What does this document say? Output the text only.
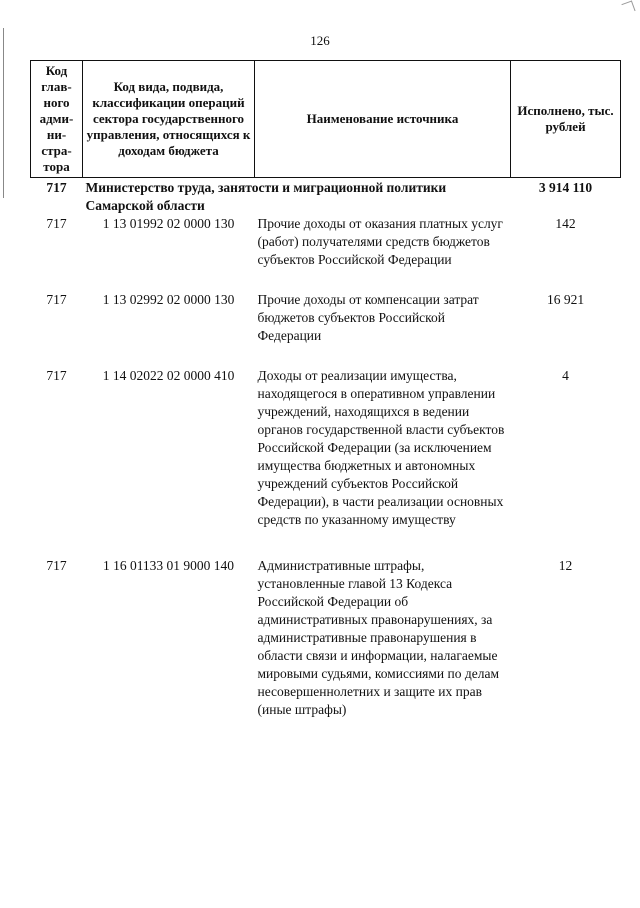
126
Код глав-ного адми-ни-стра-тора	Код вида, подвида, классификации операций сектора государственного управления, относящихся к доходам бюджета	Наименование источника	Исполнено, тыс. рублей
717	Министерство труда, занятости и миграционной политики Самарской области		3 914 110
717	1 13 01992 02 0000 130	Прочие доходы от оказания платных услуг (работ) получателями средств бюджетов субъектов Российской Федерации	142

717	1 13 02992 02 0000 130	Прочие доходы от компенсации затрат бюджетов субъектов Российской Федерации	16 921

717	1 14 02022 02 0000 410	Доходы от реализации имущества, находящегося в оперативном управлении учреждений, находящихся в ведении органов государственной власти субъектов Российской Федерации (за исключением имущества бюджетных и автономных учреждений субъектов Российской Федерации), в части реализации основных средств по указанному имуществу	4

717	1 16 01133 01 9000 140	Административные штрафы, установленные главой 13 Кодекса Российской Федерации об административных правонарушениях, за административные правонарушения в области связи и информации, налагаемые мировыми судьями, комиссиями по делам несовершеннолетних и защите их прав (иные штрафы)	12
